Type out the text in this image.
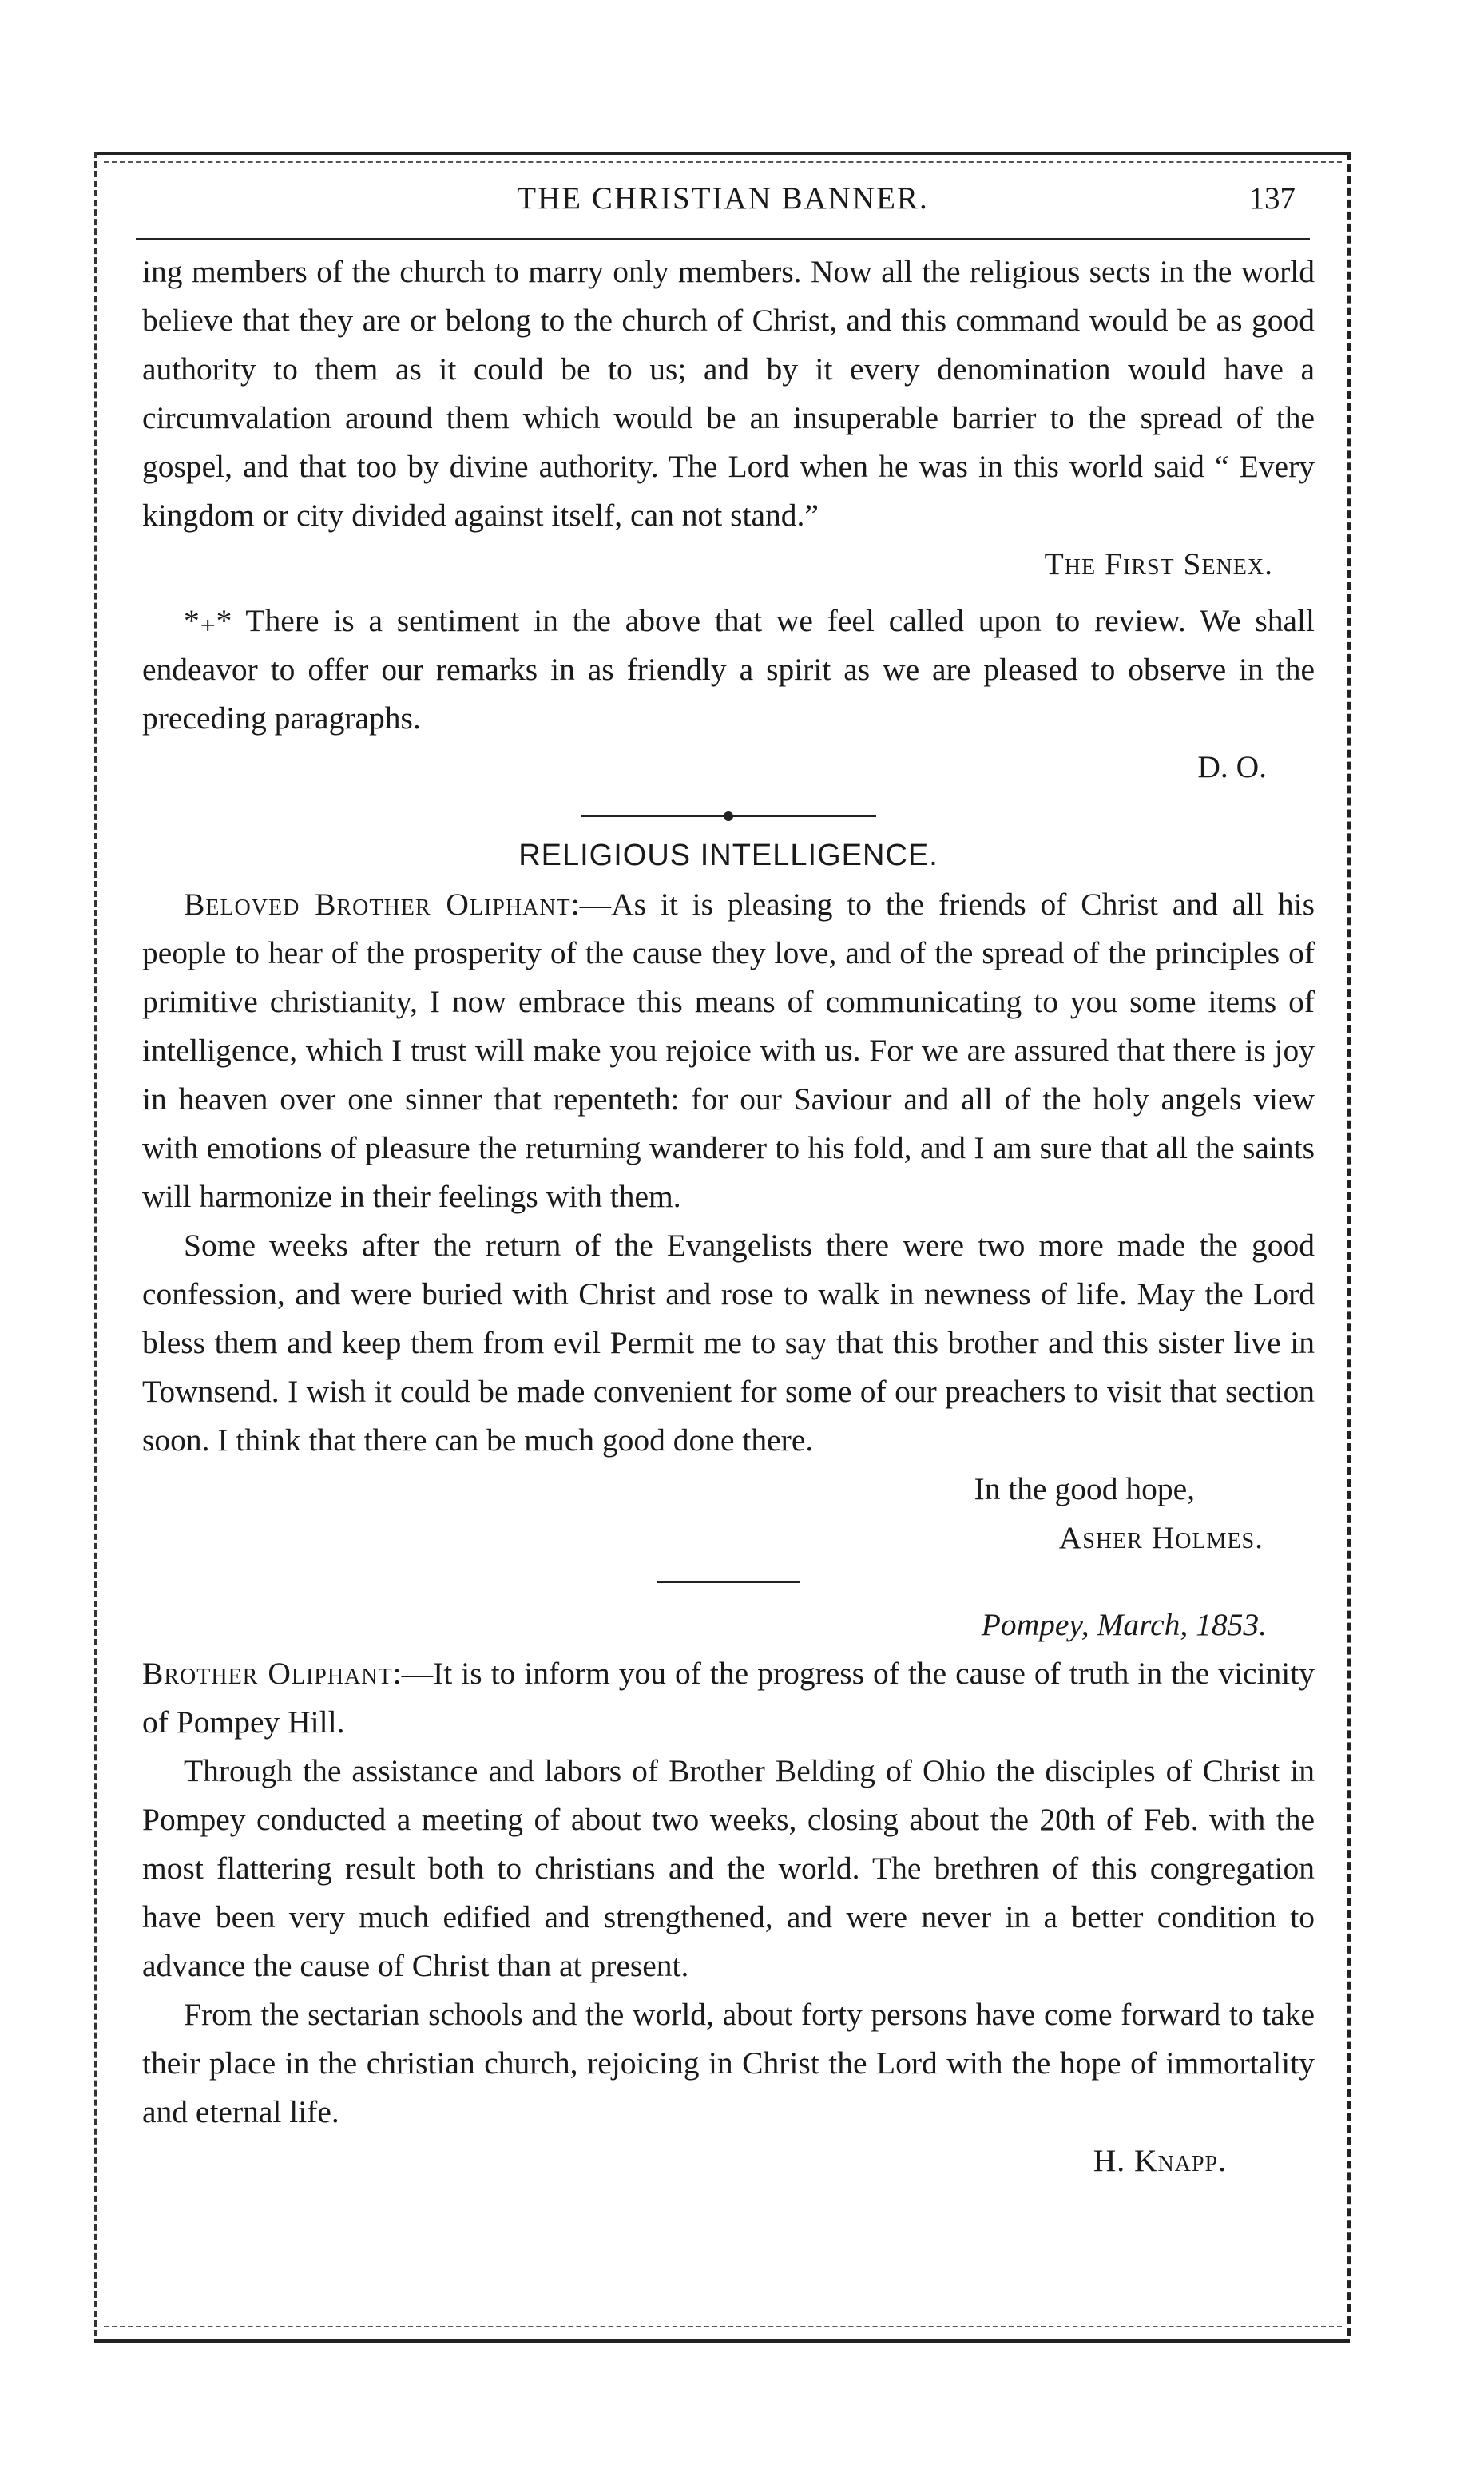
THE CHRISTIAN BANNER.	137

ing members of the church to marry only members. Now all the religious sects in the world believe that they are or belong to the church of Christ, and this command would be as good authority to them as it could be to us; and by it every denomination would have a circumvalation around them which would be an insuperable barrier to the spread of the gospel, and that too by divine authority. The Lord when he was in this world said “ Every kingdom or city divided against itself, can not stand.”

The First Senex.

*₊* There is a sentiment in the above that we feel called upon to review. We shall endeavor to offer our remarks in as friendly a spirit as we are pleased to observe in the preceding paragraphs.

D. O.

RELIGIOUS INTELLIGENCE.

Beloved Brother Oliphant:—As it is pleasing to the friends of Christ and all his people to hear of the prosperity of the cause they love, and of the spread of the principles of primitive christianity, I now embrace this means of communicating to you some items of intelligence, which I trust will make you rejoice with us. For we are assured that there is joy in heaven over one sinner that repenteth: for our Saviour and all of the holy angels view with emotions of pleasure the returning wanderer to his fold, and I am sure that all the saints will harmonize in their feelings with them.

Some weeks after the return of the Evangelists there were two more made the good confession, and were buried with Christ and rose to walk in newness of life. May the Lord bless them and keep them from evil Permit me to say that this brother and this sister live in Townsend. I wish it could be made convenient for some of our preachers to visit that section soon. I think that there can be much good done there.

In the good hope,

Asher Holmes.

Pompey, March, 1853.

Brother Oliphant:—It is to inform you of the progress of the cause of truth in the vicinity of Pompey Hill.

Through the assistance and labors of Brother Belding of Ohio the disciples of Christ in Pompey conducted a meeting of about two weeks, closing about the 20th of Feb. with the most flattering result both to christians and the world. The brethren of this congregation have been very much edified and strengthened, and were never in a better condition to advance the cause of Christ than at present.

From the sectarian schools and the world, about forty persons have come forward to take their place in the christian church, rejoicing in Christ the Lord with the hope of immortality and eternal life.

H. Knapp.
